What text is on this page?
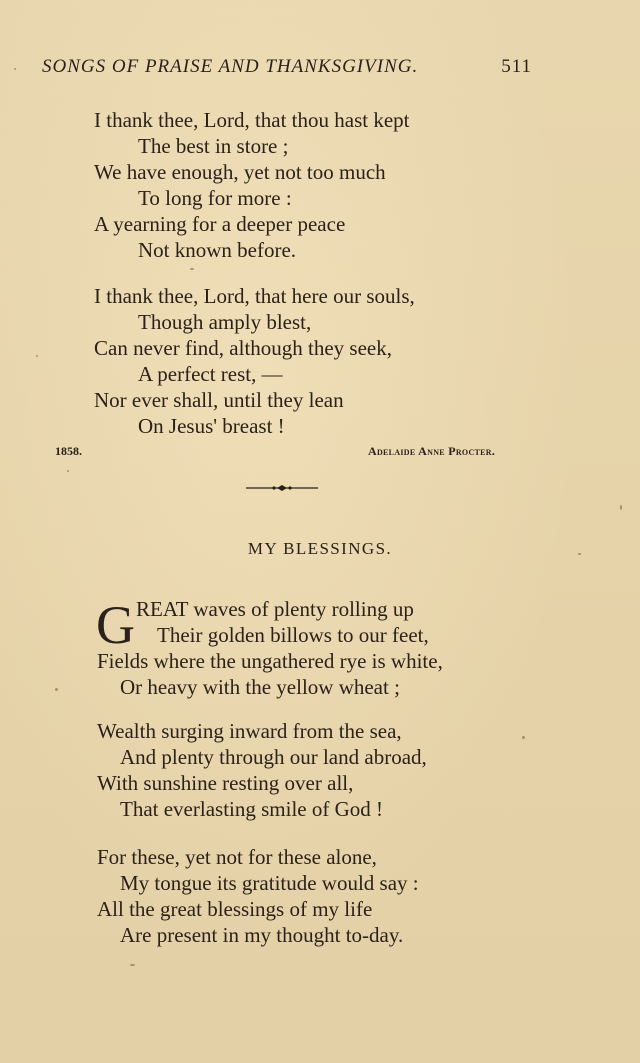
SONGS OF PRAISE AND THANKSGIVING.	511
I thank thee, Lord, that thou hast kept
The best in store ;
We have enough, yet not too much
To long for more :
A yearning for a deeper peace
Not known before.
I thank thee, Lord, that here our souls,
Though amply blest,
Can never find, although they seek,
A perfect rest, —
Nor ever shall, until they lean
On Jesus' breast !
1858.	Adelaide Anne Procter.
MY BLESSINGS.
G REAT waves of plenty rolling up
Their golden billows to our feet,
Fields where the ungathered rye is white,
Or heavy with the yellow wheat ;
Wealth surging inward from the sea,
And plenty through our land abroad,
With sunshine resting over all,
That everlasting smile of God !
For these, yet not for these alone,
My tongue its gratitude would say :
All the great blessings of my life
Are present in my thought to-day.
